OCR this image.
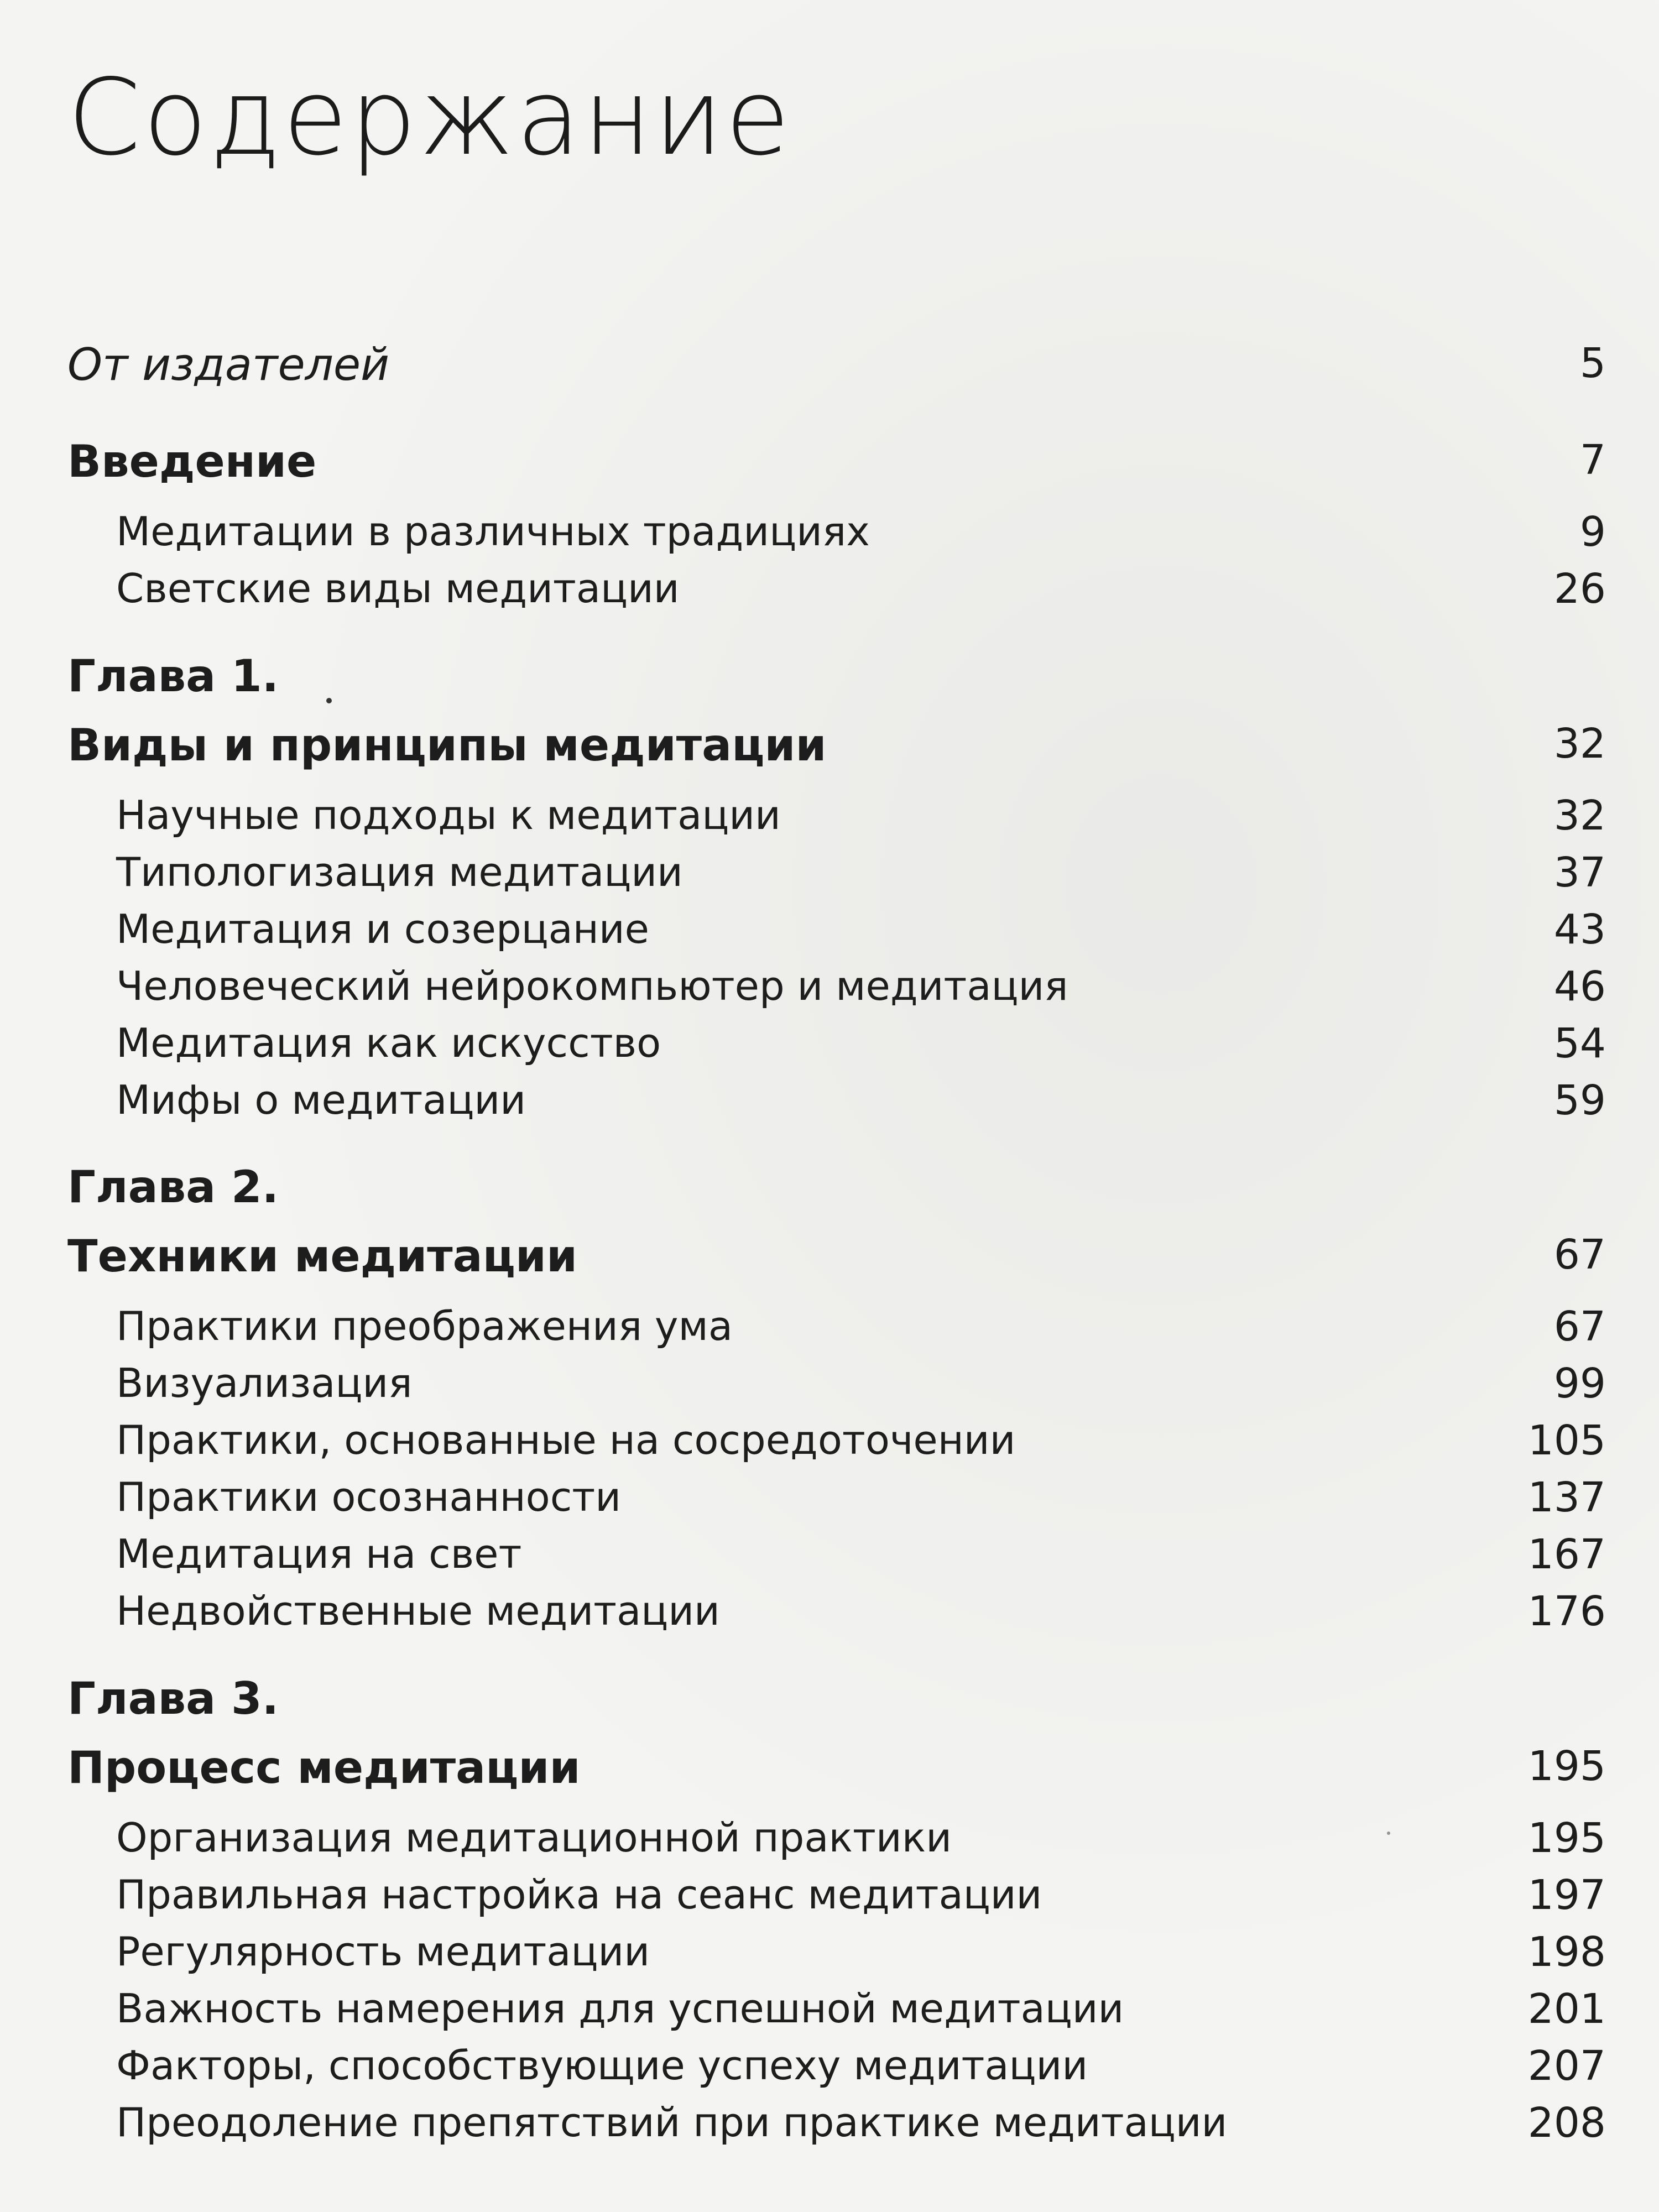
Содержание
От издателей	5
Введение	7
Медитации в различных традициях	9
Светские виды медитации	26
Глава 1.
Виды и принципы медитации	32
Научные подходы к медитации	32
Типологизация медитации	37
Медитация и созерцание	43
Человеческий нейрокомпьютер и медитация	46
Медитация как искусство	54
Мифы о медитации	59
Глава 2.
Техники медитации	67
Практики преображения ума	67
Визуализация	99
Практики, основанные на сосредоточении	105
Практики осознанности	137
Медитация на свет	167
Недвойственные медитации	176
Глава 3.
Процесс медитации	195
Организация медитационной практики	195
Правильная настройка на сеанс медитации	197
Регулярность медитации	198
Важность намерения для успешной медитации	201
Факторы, способствующие успеху медитации	207
Преодоление препятствий при практике медитации	208
